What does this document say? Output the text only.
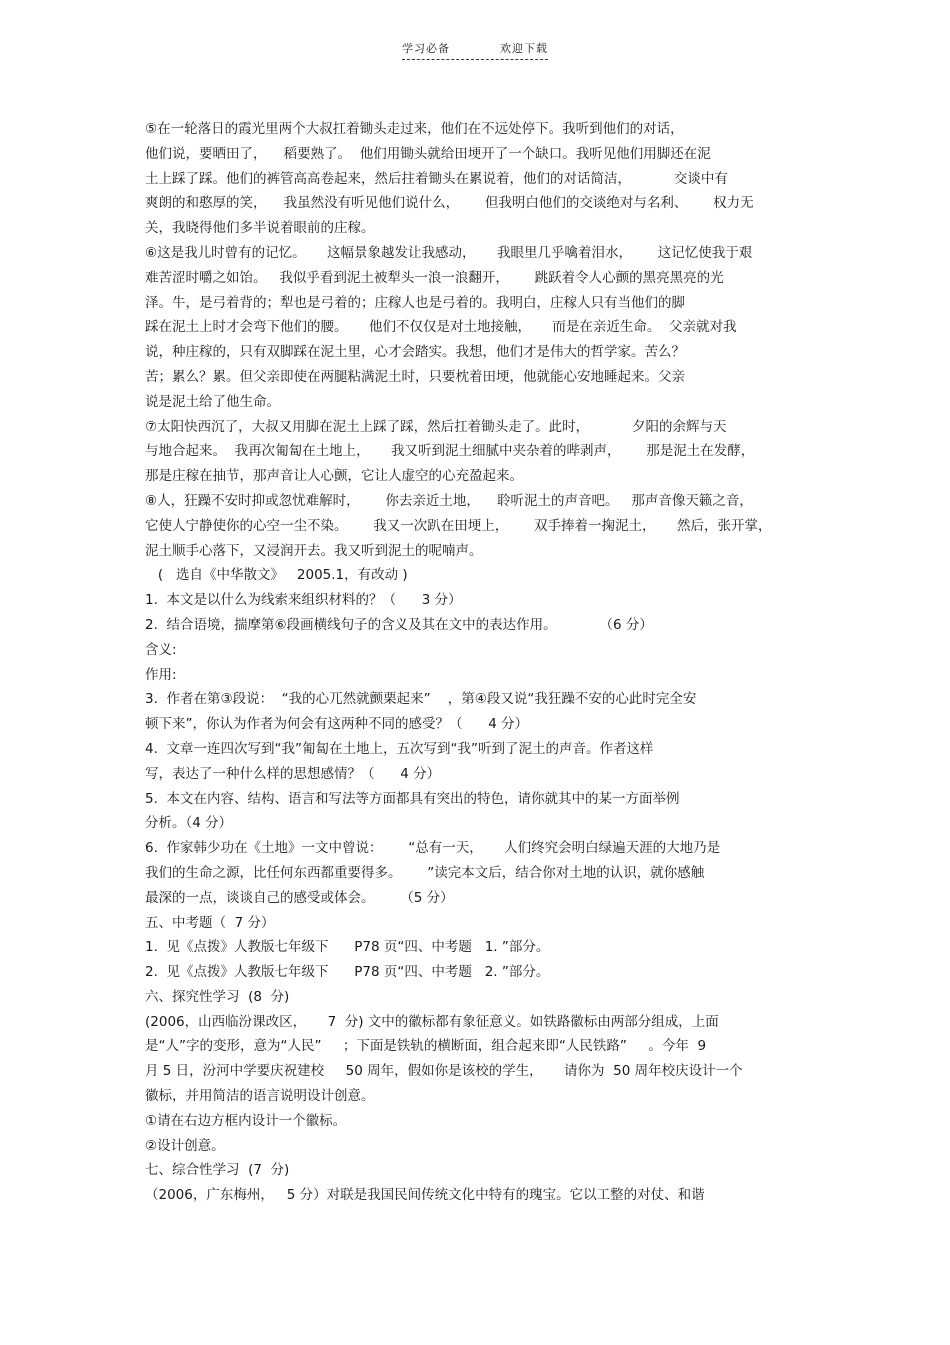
学习必备	欢迎下载
⑤在一轮落日的霞光里两个大叔扛着锄头走过来，他们在不远处停下。我听到他们的对话，
他们说，要晒田了，    稻要熟了。  他们用锄头就给田埂开了一个缺口。我听见他们用脚还在泥
土上踩了踩。他们的裤管高高卷起来，然后拄着锄头在累说着，他们的对话简洁，          交谈中有
爽朗的和憨厚的笑，    我虽然没有听见他们说什么，      但我明白他们的交谈绝对与名利、      权力无
关，我晓得他们多半说着眼前的庄稼。
⑥这是我儿时曾有的记忆。     这幅景象越发让我感动，     我眼里几乎噙着泪水，      这记忆使我于艰
难苦涩时嚼之如饴。   我似乎看到泥土被犁头一浪一浪翻开，      跳跃着令人心颤的黑亮黑亮的光
泽。牛，是弓着背的；犁也是弓着的；庄稼人也是弓着的。我明白，庄稼人只有当他们的脚
踩在泥土上时才会弯下他们的腰。     他们不仅仅是对土地接触，     而是在亲近生命。  父亲就对我
说，种庄稼的，只有双脚踩在泥土里，心才会踏实。我想，他们才是伟大的哲学家。苦么？
苦；累么？累。但父亲即使在两腿粘满泥土时，只要枕着田埂，他就能心安地睡起来。父亲
说是泥土给了他生命。
⑦太阳快西沉了，大叔又用脚在泥土上踩了踩，然后扛着锄头走了。此时，          夕阳的余辉与天
与地合起来。  我再次匍匐在土地上，     我又听到泥土细腻中夹杂着的哔剥声，      那是泥土在发酵，
那是庄稼在抽节，那声音让人心颤，它让人虚空的心充盈起来。
⑧人，狂躁不安时抑或忽忧难解时，      你去亲近土地，    聆听泥土的声音吧。   那声音像天籁之音，
它使人宁静使你的心空一尘不染。      我又一次趴在田埂上，      双手捧着一掬泥土，     然后，张开掌，
泥土顺手心落下，又浸润开去。我又听到泥土的呢喃声。
(   选自《中华散文》   2005.1，有改动 )
1.  本文是以什么为线索来组织材料的？（      3 分）
2.  结合语境，揣摩第⑥段画横线句子的含义及其在文中的表达作用。          （6 分）
含义:
作用:
3.  作者在第③段说：  “我的心兀然就颤栗起来”    ，第④段又说“我狂躁不安的心此时完全安
顿下来”，你认为作者为何会有这两种不同的感受？（      4 分）
4.  文章一连四次写到“我”匍匐在土地上，五次写到“我”听到了泥土的声音。作者这样
写，表达了一种什么样的思想感情？（      4 分）
5.  本文在内容、结构、语言和写法等方面都具有突出的特色，请你就其中的某一方面举例
分析。（4 分）
6.  作家韩少功在《土地》一文中曾说：      “总有一天，     人们终究会明白绿遍天涯的大地乃是
我们的生命之源，比任何东西都重要得多。      ”读完本文后，结合你对土地的认识，就你感触
最深的一点，谈谈自己的感受或体会。      （5 分）
五、中考题（  7 分）
1.  见《点拨》人教版七年级下      P78 页“四、中考题   1. ”部分。
2.  见《点拨》人教版七年级下      P78 页“四、中考题   2. ”部分。
六、探究性学习  (8  分)
(2006，山西临汾课改区，     7  分) 文中的徽标都有象征意义。如铁路徽标由两部分组成，上面
是“人”字的变形，意为“人民”     ；下面是铁轨的横断面，组合起来即“人民铁路”     。今年  9
月 5 日，汾河中学要庆祝建校     50 周年，假如你是该校的学生，     请你为  50 周年校庆设计一个
徽标，并用简洁的语言说明设计创意。
①请在右边方框内设计一个徽标。
②设计创意。
七、综合性学习  (7  分)
（2006，广东梅州，   5 分）对联是我国民间传统文化中特有的瑰宝。它以工整的对仗、和谐
